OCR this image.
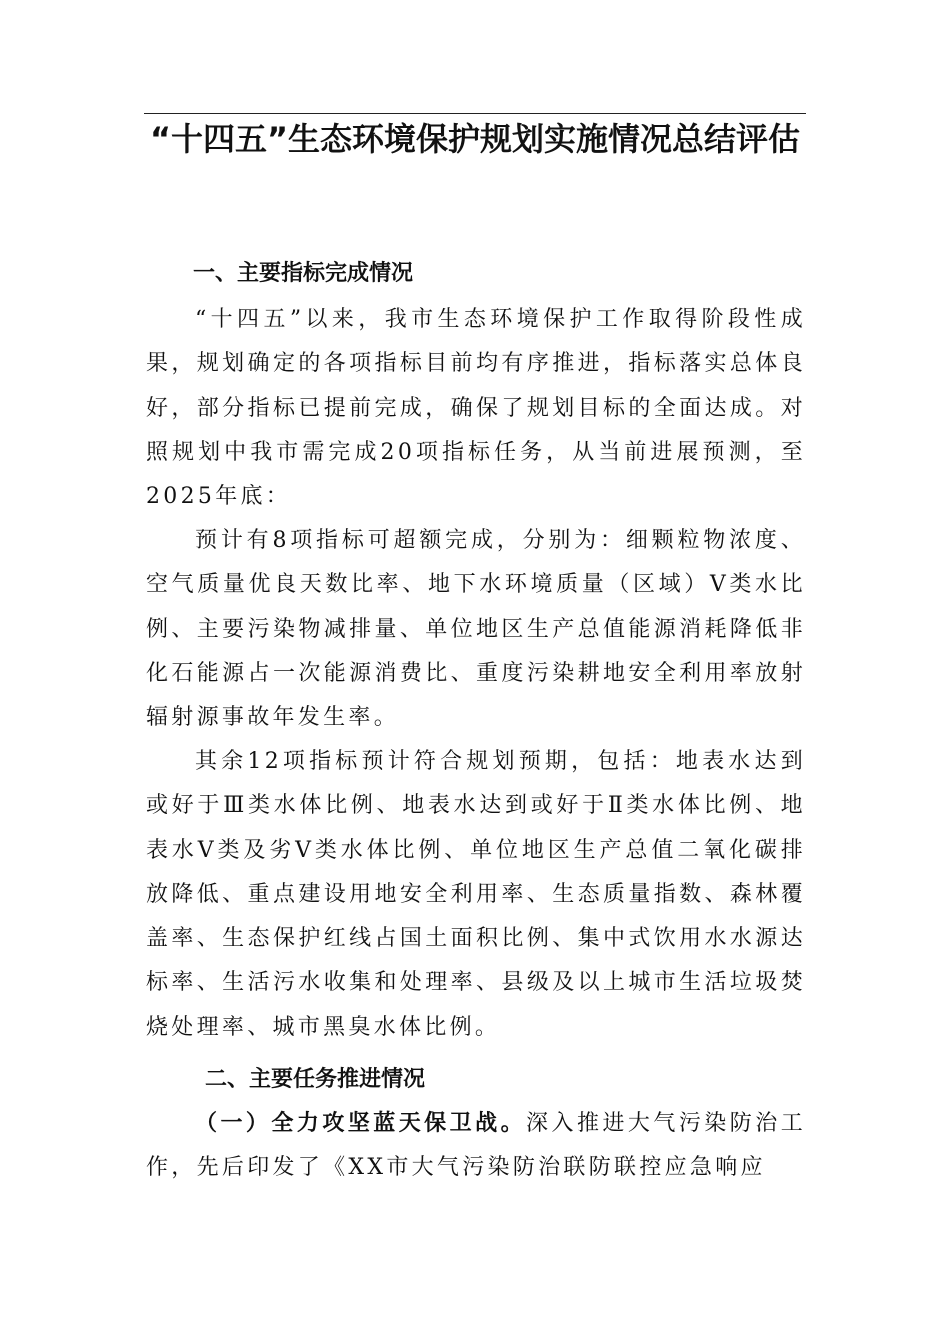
“十四五”生态环境保护规划实施情况总结评估
一、主要指标完成情况

“十四五”以来，我市生态环境保护工作取得阶段性成果，规划确定的各项指标目前均有序推进，指标落实总体良好，部分指标已提前完成，确保了规划目标的全面达成。对照规划中我市需完成20项指标任务，从当前进展预测，至2025年底：

预计有8项指标可超额完成，分别为：细颗粒物浓度、空气质量优良天数比率、地下水环境质量（区域）Ⅴ类水比例、主要污染物减排量、单位地区生产总值能源消耗降低非化石能源占一次能源消费比、重度污染耕地安全利用率放射辐射源事故年发生率。

其余12项指标预计符合规划预期，包括：地表水达到或好于Ⅲ类水体比例、地表水达到或好于Ⅱ类水体比例、地表水Ⅴ类及劣Ⅴ类水体比例、单位地区生产总值二氧化碳排放降低、重点建设用地安全利用率、生态质量指数、森林覆盖率、生态保护红线占国土面积比例、集中式饮用水水源达标率、生活污水收集和处理率、县级及以上城市生活垃圾焚烧处理率、城市黑臭水体比例。

二、主要任务推进情况

（一）全力攻坚蓝天保卫战。深入推进大气污染防治工作，先后印发了《XX市大气污染防治联防联控应急响应
